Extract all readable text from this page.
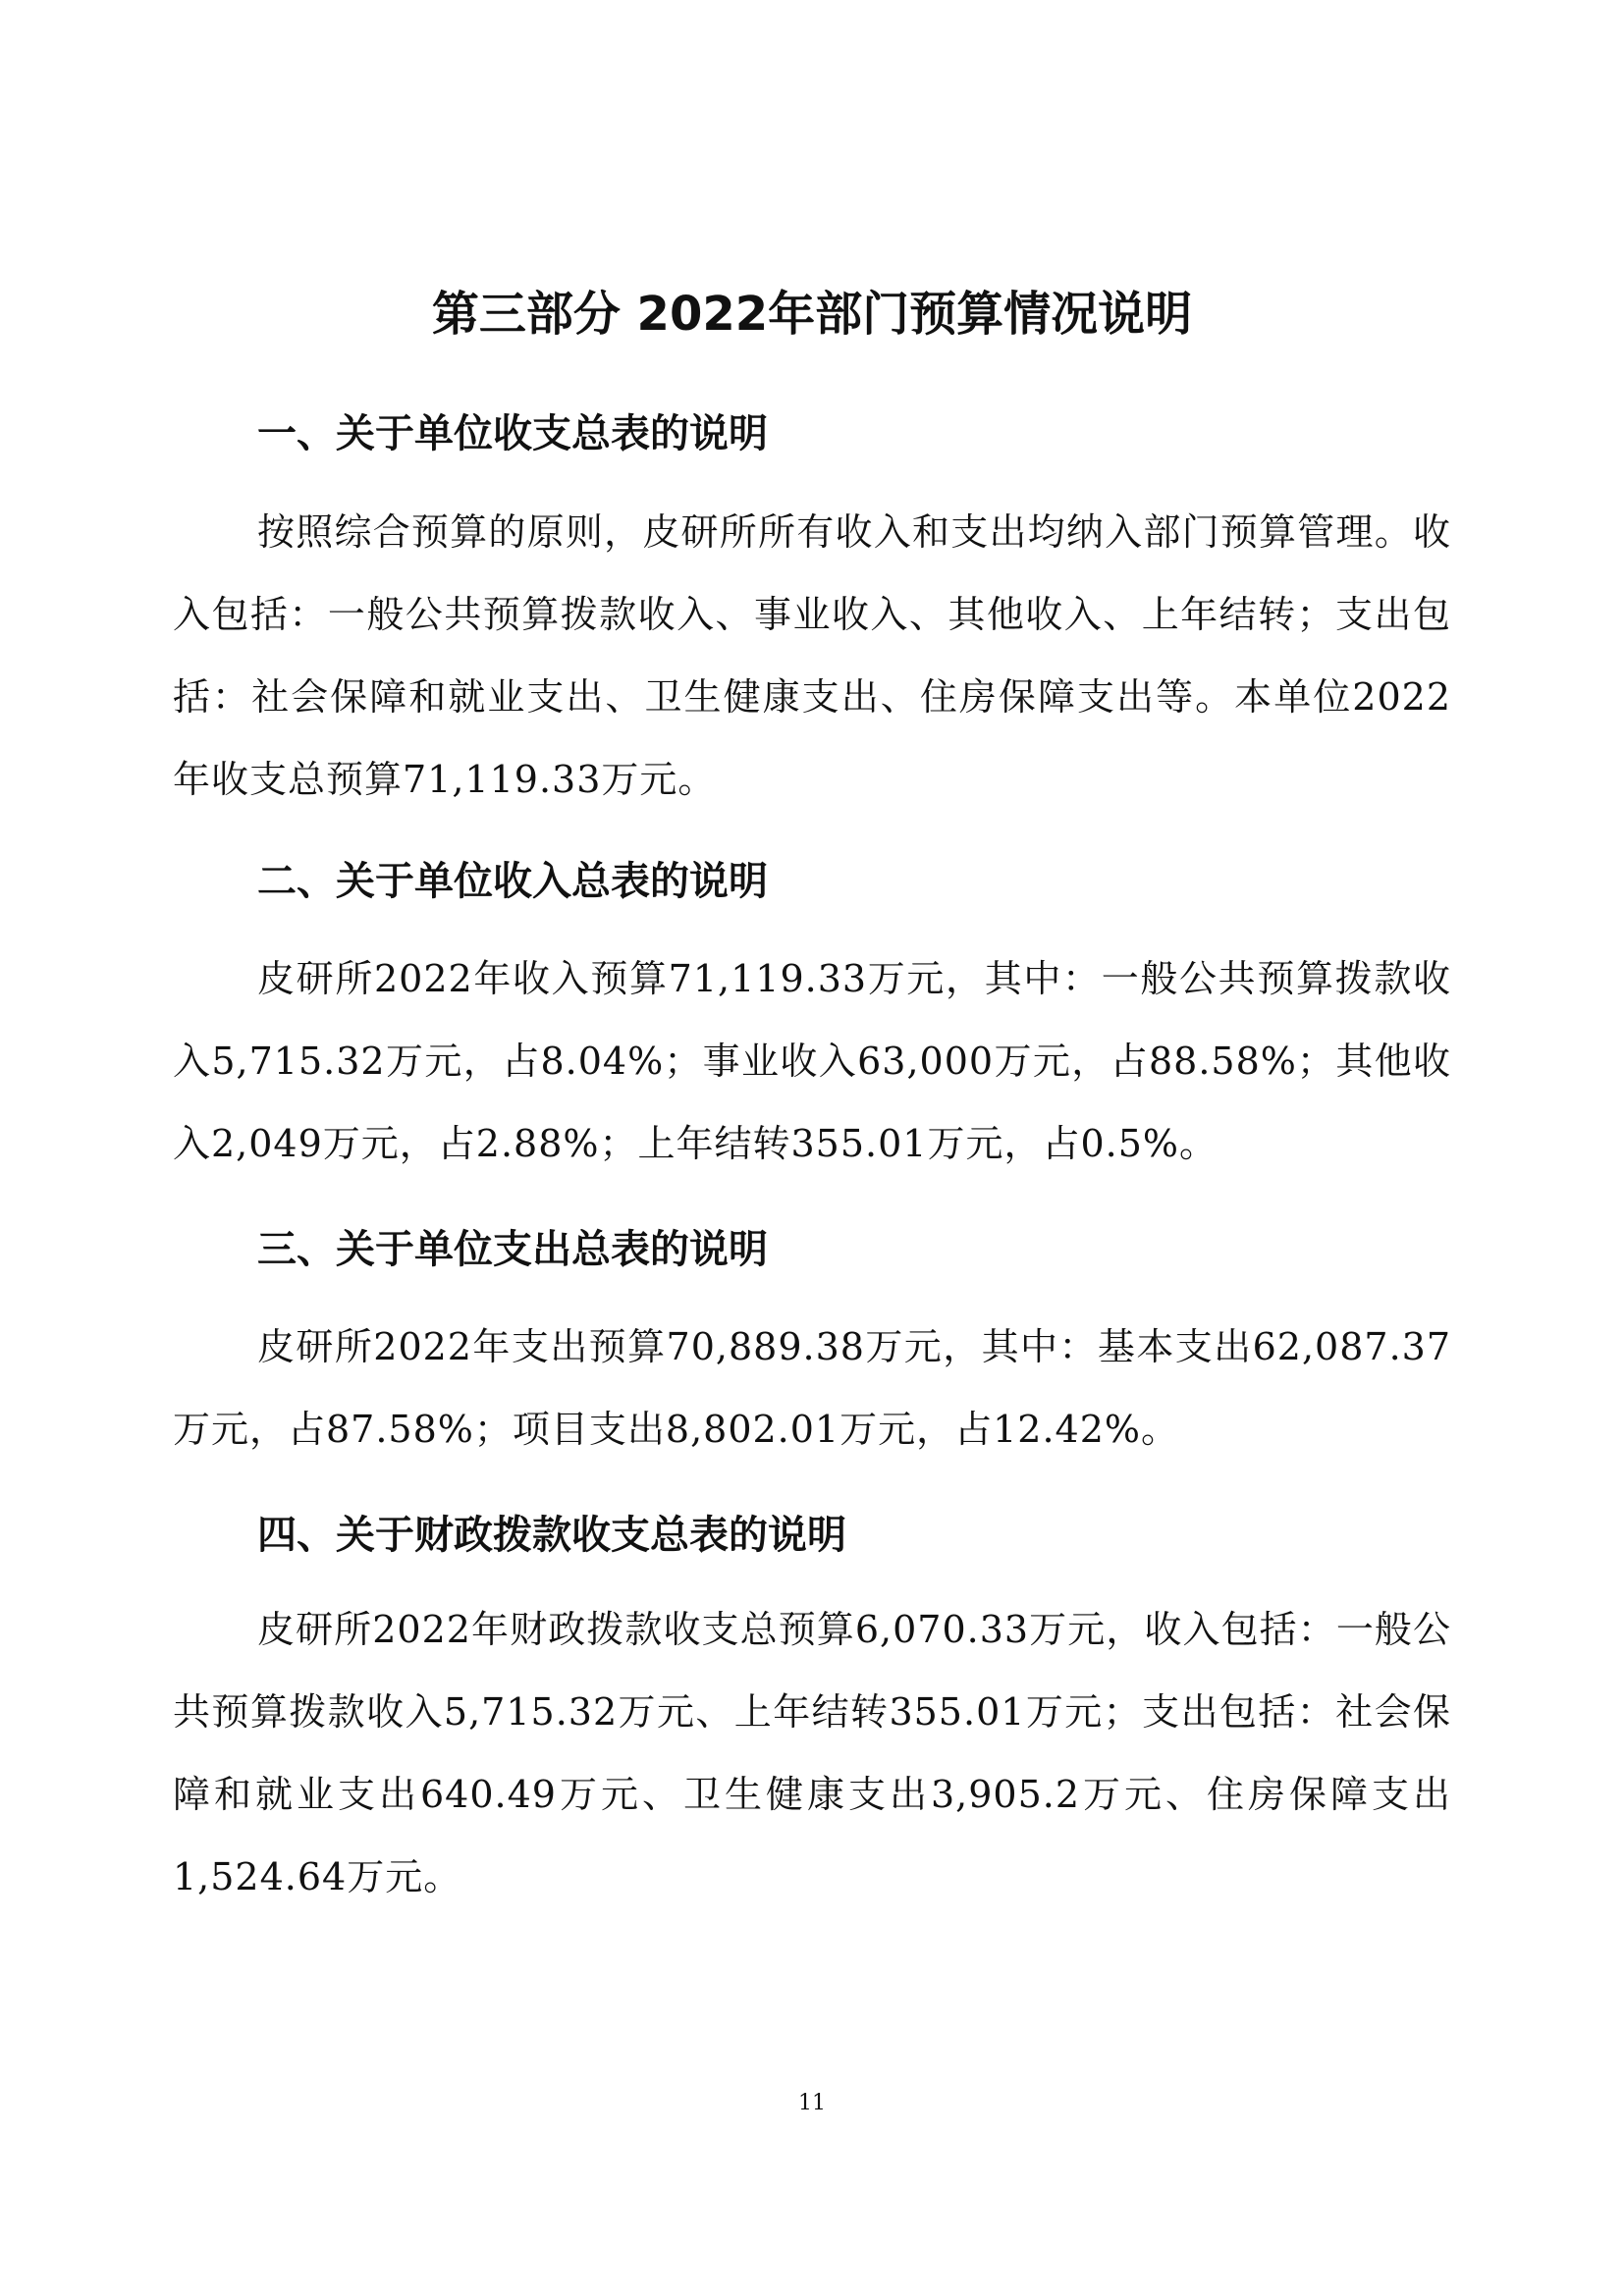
第三部分 2022年部门预算情况说明
一、关于单位收支总表的说明
按照综合预算的原则，皮研所所有收入和支出均纳入部门预算管理。收入包括：一般公共预算拨款收入、事业收入、其他收入、上年结转；支出包括：社会保障和就业支出、卫生健康支出、住房保障支出等。本单位2022年收支总预算71,119.33万元。
二、关于单位收入总表的说明
皮研所2022年收入预算71,119.33万元，其中：一般公共预算拨款收入5,715.32万元，占8.04%；事业收入63,000万元，占88.58%；其他收入2,049万元，占2.88%；上年结转355.01万元，占0.5%。
三、关于单位支出总表的说明
皮研所2022年支出预算70,889.38万元，其中：基本支出62,087.37万元，占87.58%；项目支出8,802.01万元，占12.42%。
四、关于财政拨款收支总表的说明
皮研所2022年财政拨款收支总预算6,070.33万元，收入包括：一般公共预算拨款收入5,715.32万元、上年结转355.01万元；支出包括：社会保障和就业支出640.49万元、卫生健康支出3,905.2万元、住房保障支出1,524.64万元。
11
